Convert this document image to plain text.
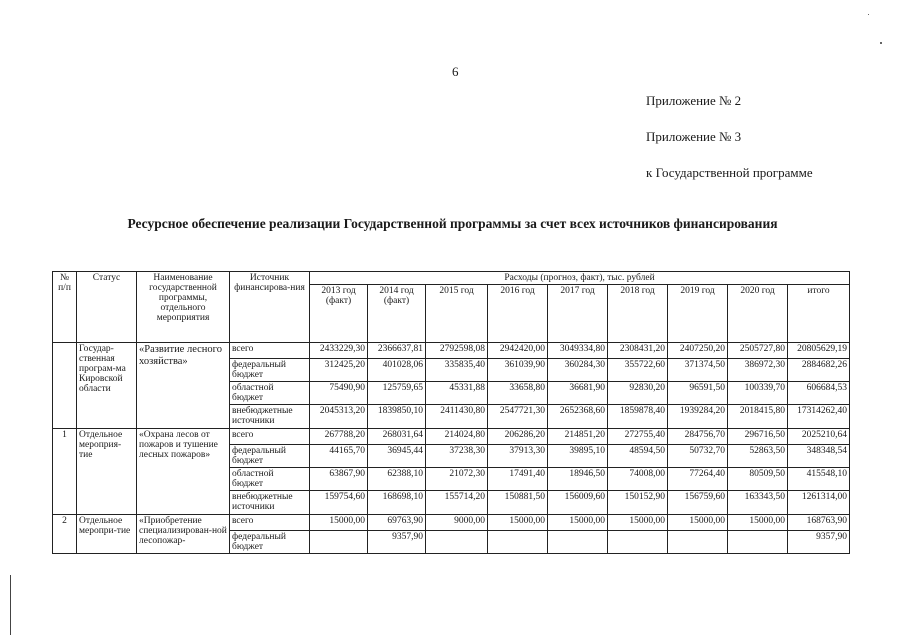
6
Приложение № 2
Приложение № 3
к Государственной программе
Ресурсное обеспечение реализации Государственной программы за счет всех источников финансирования
№ п/п	Статус	Наименование государственной программы, отдельного мероприятия	Источник финансирова-ния	Расходы (прогноз, факт), тыс. рублей								
				2013 год (факт)	2014 год (факт)	2015 год	2016 год	2017 год	2018 год	2019 год	2020 год	итого
	Государ-ственная програм-ма Кировской области	«Развитие лесного хозяйства»	всего	2433229,30	2366637,81	2792598,08	2942420,00	3049334,80	2308431,20	2407250,20	2505727,80	20805629,19
			федеральный бюджет	312425,20	401028,06	335835,40	361039,90	360284,30	355722,60	371374,50	386972,30	2884682,26
			областной бюджет	75490,90	125759,65	45331,88	33658,80	36681,90	92830,20	96591,50	100339,70	606684,53
			внебюджетные источники	2045313,20	1839850,10	2411430,80	2547721,30	2652368,60	1859878,40	1939284,20	2018415,80	17314262,40
1	Отдельное мероприя-тие	«Охрана лесов от пожаров и тушение лесных пожаров»	всего	267788,20	268031,64	214024,80	206286,20	214851,20	272755,40	284756,70	296716,50	2025210,64
			федеральный бюджет	44165,70	36945,44	37238,30	37913,30	39895,10	48594,50	50732,70	52863,50	348348,54
			областной бюджет	63867,90	62388,10	21072,30	17491,40	18946,50	74008,00	77264,40	80509,50	415548,10
			внебюджетные источники	159754,60	168698,10	155714,20	150881,50	156009,60	150152,90	156759,60	163343,50	1261314,00
2	Отдельное меропри-тие	«Приобретение специализирован-ной лесопожар-	всего	15000,00	69763,90	9000,00	15000,00	15000,00	15000,00	15000,00	15000,00	168763,90
			федеральный бюджет		9357,90							9357,90
